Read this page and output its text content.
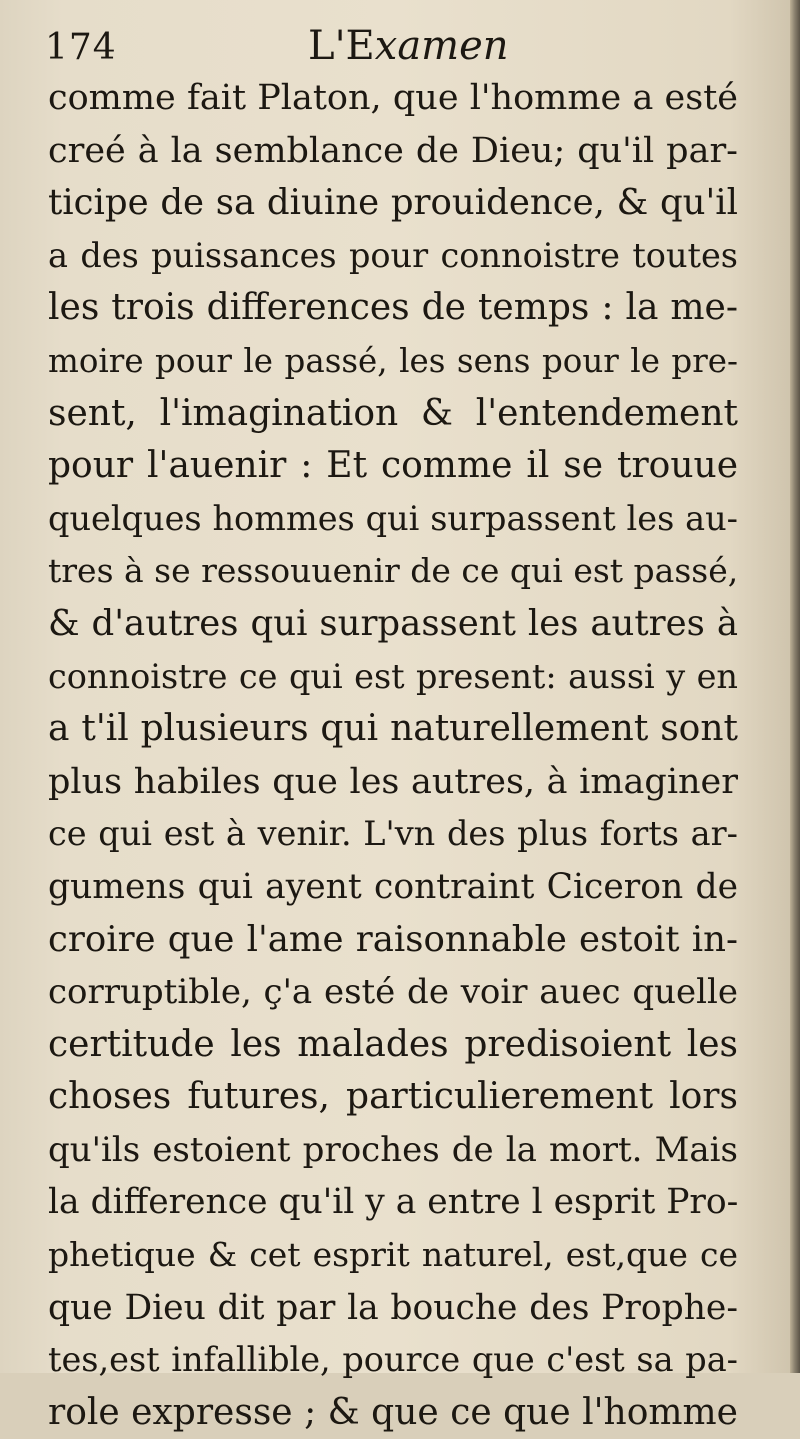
174	L'Examen
comme fait Platon, que l'homme a esté
creé à la semblance de Dieu; qu'il par-
ticipe de sa diuine prouidence, & qu'il
a des puissances pour connoistre toutes
les trois differences de temps : la me-
moire pour le passé, les sens pour le pre-
sent, l'imagination & l'entendement
pour l'auenir : Et comme il se trouue
quelques hommes qui surpassent les au-
tres à se ressouuenir de ce qui est passé,
& d'autres qui surpassent les autres à
connoistre ce qui est present: aussi y en
a t'il plusieurs qui naturellement sont
plus habiles que les autres, à imaginer
ce qui est à venir. L'vn des plus forts ar-
gumens qui ayent contraint Ciceron de
croire que l'ame raisonnable estoit in-
corruptible, ç'a esté de voir auec quelle
certitude les malades predisoient les
choses futures, particulierement lors
qu'ils estoient proches de la mort. Mais
la difference qu'il y a entre l esprit Pro-
phetique & cet esprit naturel, est,que ce
que Dieu dit par la bouche des Prophe-
tes,est infallible, pource que c'est sa pa-
role expresse ; & que ce que l'homme
